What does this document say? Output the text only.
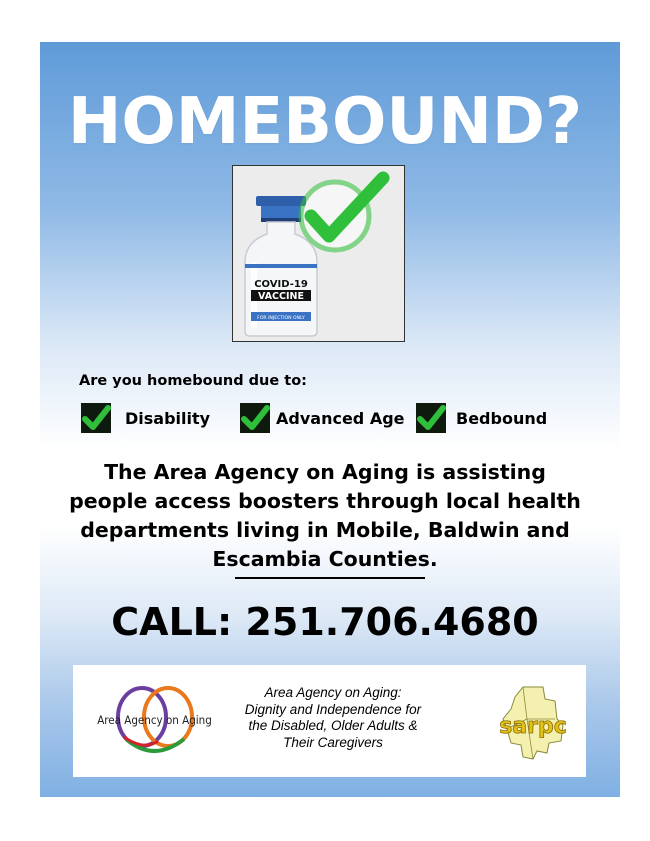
HOMEBOUND?
COVID-19
VACCINE
FOR INJECTION ONLY
Are you homebound due to:
Disability	Advanced Age	Bedbound
The Area Agency on Aging is assisting
people access boosters through local health
departments living in Mobile, Baldwin and
Escambia Counties.
CALL: 251.706.4680
Area Agency on Aging
Area Agency on Aging:
Dignity and Independence for
the Disabled, Older Adults &
Their Caregivers
sarpc
